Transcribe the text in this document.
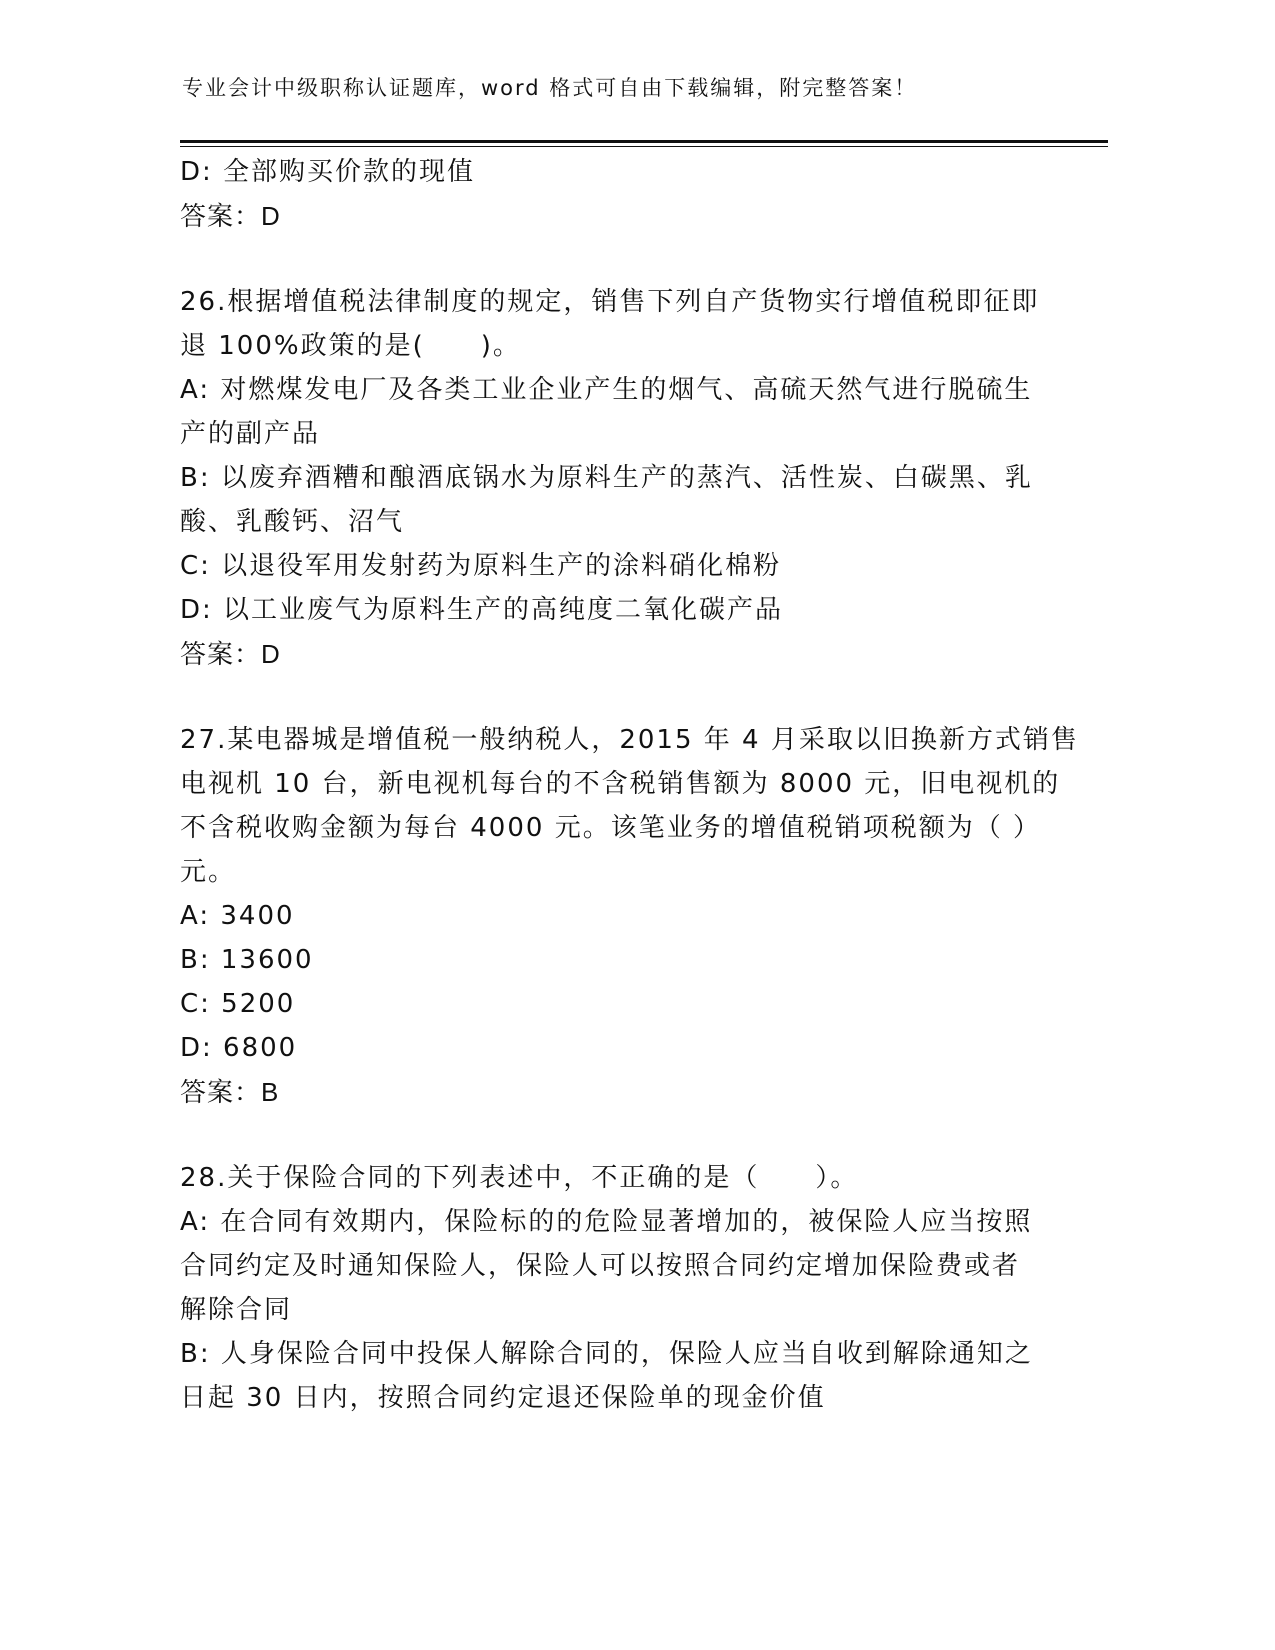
专业会计中级职称认证题库，word 格式可自由下载编辑，附完整答案！
D: 全部购买价款的现值
答案：D
26.根据增值税法律制度的规定，销售下列自产货物实行增值税即征即
退 100%政策的是(　　)。
A: 对燃煤发电厂及各类工业企业产生的烟气、高硫天然气进行脱硫生
产的副产品
B: 以废弃酒糟和酿酒底锅水为原料生产的蒸汽、活性炭、白碳黑、乳
酸、乳酸钙、沼气
C: 以退役军用发射药为原料生产的涂料硝化棉粉
D: 以工业废气为原料生产的高纯度二氧化碳产品
答案：D
27.某电器城是增值税一般纳税人，2015 年 4 月采取以旧换新方式销售
电视机 10 台，新电视机每台的不含税销售额为 8000 元，旧电视机的
不含税收购金额为每台 4000 元。该笔业务的增值税销项税额为（ ）
元。
A: 3400
B: 13600
C: 5200
D: 6800
答案：B
28.关于保险合同的下列表述中，不正确的是（　　）。
A: 在合同有效期内，保险标的的危险显著增加的，被保险人应当按照
合同约定及时通知保险人，保险人可以按照合同约定增加保险费或者
解除合同
B: 人身保险合同中投保人解除合同的，保险人应当自收到解除通知之
日起 30 日内，按照合同约定退还保险单的现金价值
